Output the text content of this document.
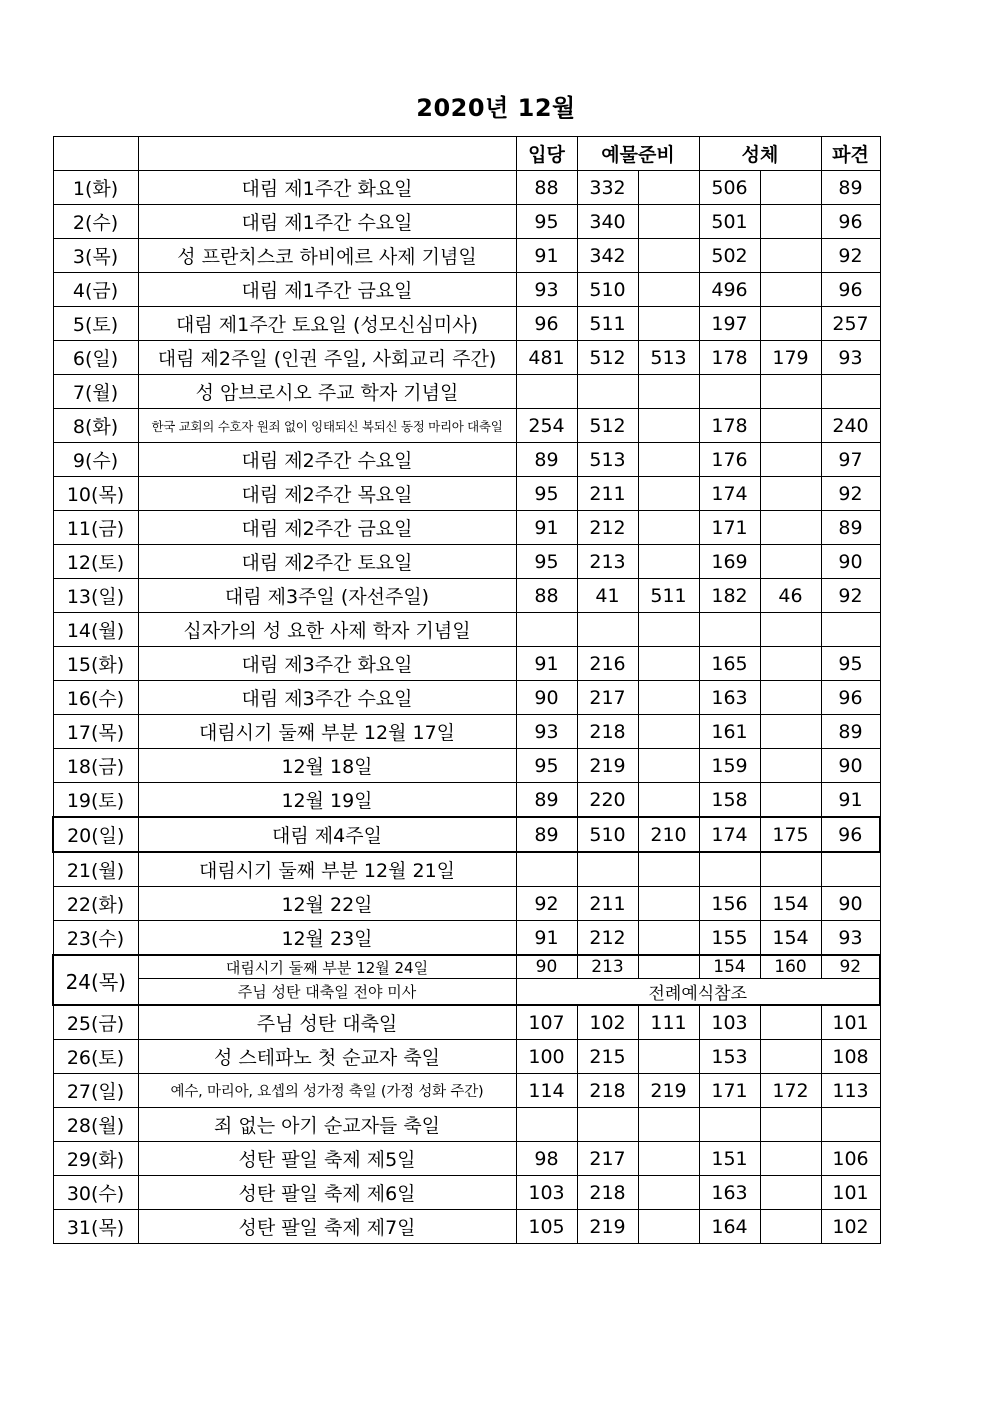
2020년 12월
		입당	예물준비		성체		파견
1(화)	대림 제1주간 화요일	88	332		506		89
2(수)	대림 제1주간 수요일	95	340		501		96
3(목)	성 프란치스코 하비에르 사제 기념일	91	342		502		92
4(금)	대림 제1주간 금요일	93	510		496		96
5(토)	대림 제1주간 토요일 (성모신심미사)	96	511		197		257
6(일)	대림 제2주일 (인권 주일, 사회교리 주간)	481	512	513	178	179	93
7(월)	성 암브로시오 주교 학자 기념일						
8(화)	한국 교회의 수호자 원죄 없이 잉태되신 복되신 동정 마리아 대축일	254	512		178		240
9(수)	대림 제2주간 수요일	89	513		176		97
10(목)	대림 제2주간 목요일	95	211		174		92
11(금)	대림 제2주간 금요일	91	212		171		89
12(토)	대림 제2주간 토요일	95	213		169		90
13(일)	대림 제3주일 (자선주일)	88	41	511	182	46	92
14(월)	십자가의 성 요한 사제 학자 기념일						
15(화)	대림 제3주간 화요일	91	216		165		95
16(수)	대림 제3주간 수요일	90	217		163		96
17(목)	대림시기 둘째 부분 12월 17일	93	218		161		89
18(금)	12월 18일	95	219		159		90
19(토)	12월 19일	89	220		158		91
20(일)	대림 제4주일	89	510	210	174	175	96
21(월)	대림시기 둘째 부분 12월 21일						
22(화)	12월 22일	92	211		156	154	90
23(수)	12월 23일	91	212		155	154	93
24(목)	대림시기 둘째 부분 12월 24일	90	213		154	160	92
	주님 성탄 대축일 전야 미사	전례예식참조					
25(금)	주님 성탄 대축일	107	102	111	103		101
26(토)	성 스테파노 첫 순교자 축일	100	215		153		108
27(일)	예수, 마리아, 요셉의 성가정 축일 (가정 성화 주간)	114	218	219	171	172	113
28(월)	죄 없는 아기 순교자들 축일						
29(화)	성탄 팔일 축제 제5일	98	217		151		106
30(수)	성탄 팔일 축제 제6일	103	218		163		101
31(목)	성탄 팔일 축제 제7일	105	219		164		102
